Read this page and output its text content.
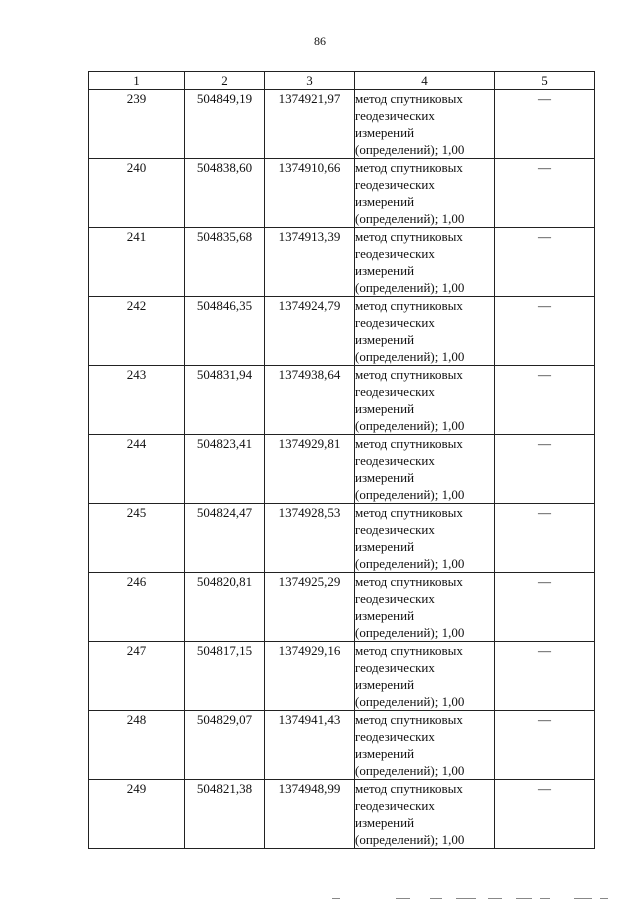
86
1	2	3	4	5
239	504849,19	1374921,97	метод спутниковых
геодезических
измерений
(определений); 1,00	—
240	504838,60	1374910,66	метод спутниковых
геодезических
измерений
(определений); 1,00	—
241	504835,68	1374913,39	метод спутниковых
геодезических
измерений
(определений); 1,00	—
242	504846,35	1374924,79	метод спутниковых
геодезических
измерений
(определений); 1,00	—
243	504831,94	1374938,64	метод спутниковых
геодезических
измерений
(определений); 1,00	—
244	504823,41	1374929,81	метод спутниковых
геодезических
измерений
(определений); 1,00	—
245	504824,47	1374928,53	метод спутниковых
геодезических
измерений
(определений); 1,00	—
246	504820,81	1374925,29	метод спутниковых
геодезических
измерений
(определений); 1,00	—
247	504817,15	1374929,16	метод спутниковых
геодезических
измерений
(определений); 1,00	—
248	504829,07	1374941,43	метод спутниковых
геодезических
измерений
(определений); 1,00	—
249	504821,38	1374948,99	метод спутниковых
геодезических
измерений
(определений); 1,00	—
